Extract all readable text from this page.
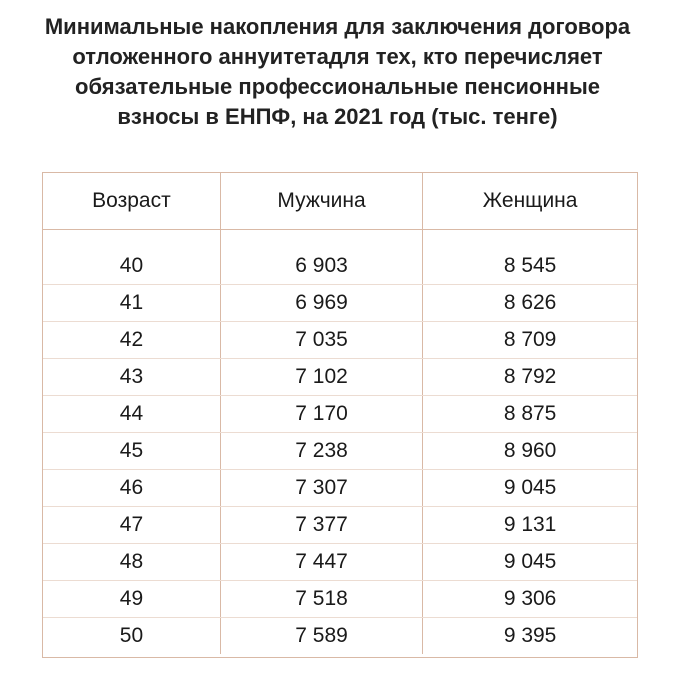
Минимальные накопления для заключения договора
отложенного аннуитетадля тех, кто перечисляет
обязательные профессиональные пенсионные
взносы в ЕНПФ, на 2021 год (тыс. тенге)
Возраст	Мужчина	Женщина
40	6 903	8 545
41	6 969	8 626
42	7 035	8 709
43	7 102	8 792
44	7 170	8 875
45	7 238	8 960
46	7 307	9 045
47	7 377	9 131
48	7 447	9 045
49	7 518	9 306
50	7 589	9 395
